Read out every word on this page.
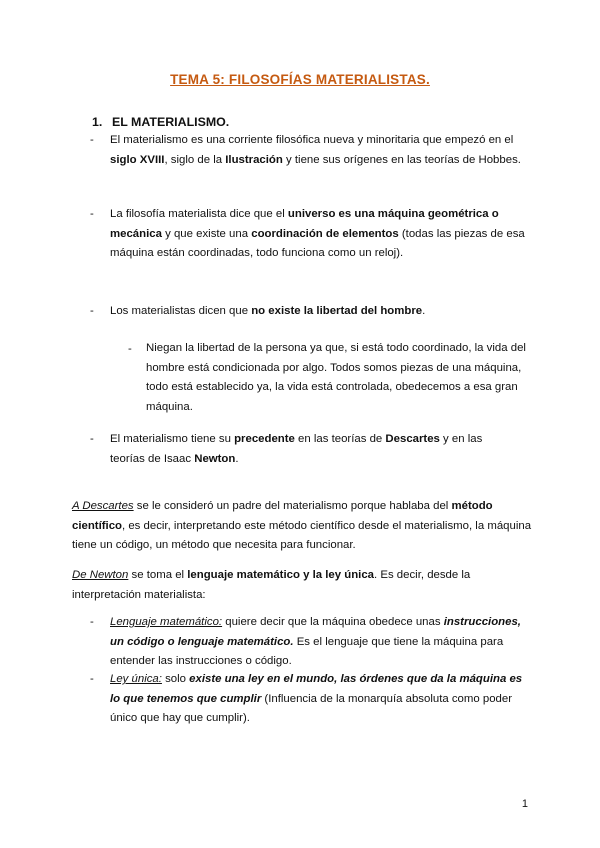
TEMA 5: FILOSOFÍAS MATERIALISTAS.
1. EL MATERIALISMO.
-	El materialismo es una corriente filosófica nueva y minoritaria que empezó en el siglo XVIII, siglo de la Ilustración y tiene sus orígenes en las teorías de Hobbes.
-	La filosofía materialista dice que el universo es una máquina geométrica o mecánica y que existe una coordinación de elementos (todas las piezas de esa máquina están coordinadas, todo funciona como un reloj).
-	Los materialistas dicen que no existe la libertad del hombre.
-	Niegan la libertad de la persona ya que, si está todo coordinado, la vida del hombre está condicionada por algo. Todos somos piezas de una máquina, todo está establecido ya, la vida está controlada, obedecemos a esa gran máquina.
-	El materialismo tiene su precedente en las teorías de Descartes y en las teorías de Isaac Newton.
A Descartes se le consideró un padre del materialismo porque hablaba del método científico, es decir, interpretando este método científico desde el materialismo, la máquina tiene un código, un método que necesita para funcionar.
De Newton se toma el lenguaje matemático y la ley única. Es decir, desde la interpretación materialista:
-	Lenguaje matemático: quiere decir que la máquina obedece unas instrucciones, un código o lenguaje matemático. Es el lenguaje que tiene la máquina para entender las instrucciones o código.
-	Ley única: solo existe una ley en el mundo, las órdenes que da la máquina es lo que tenemos que cumplir (Influencia de la monarquía absoluta como poder único que hay que cumplir).
1
